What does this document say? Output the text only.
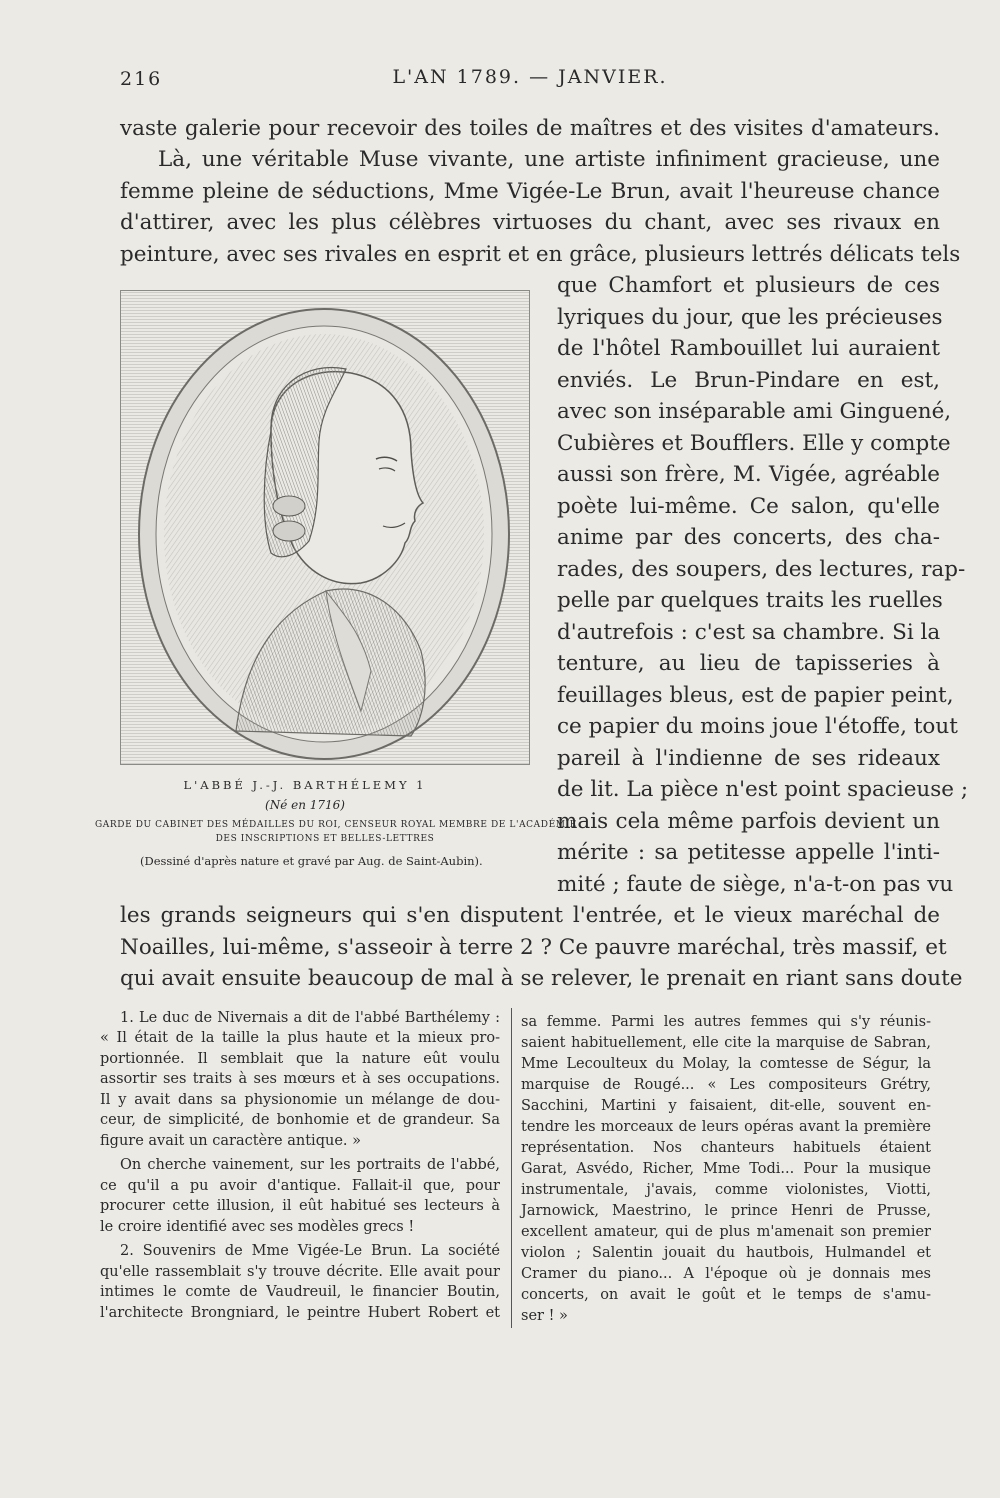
216	L'AN 1789. — JANVIER.
vaste galerie pour recevoir des toiles de maîtres et des visites d'amateurs.
Là, une véritable Muse vivante, une artiste infiniment gracieuse, une
femme pleine de séductions, Mme Vigée-Le Brun, avait l'heureuse chance
d'attirer, avec les plus célèbres virtuoses du chant, avec ses rivaux en
peinture, avec ses rivales en esprit et en grâce, plusieurs lettrés délicats tels
que Chamfort et plusieurs de ces
lyriques du jour, que les précieuses
de l'hôtel Rambouillet lui auraient
enviés. Le Brun-Pindare en est,
avec son inséparable ami Ginguené,
Cubières et Boufflers. Elle y compte
aussi son frère, M. Vigée, agréable
poète lui-même. Ce salon, qu'elle
anime par des concerts, des cha-
rades, des soupers, des lectures, rap-
pelle par quelques traits les ruelles
d'autrefois : c'est sa chambre. Si la
tenture, au lieu de tapisseries à
feuillages bleus, est de papier peint,
ce papier du moins joue l'étoffe, tout
pareil à l'indienne de ses rideaux
de lit. La pièce n'est point spacieuse ;
mais cela même parfois devient un
mérite : sa petitesse appelle l'inti-
mité ; faute de siège, n'a-t-on pas vu
les grands seigneurs qui s'en disputent l'entrée, et le vieux maréchal de
Noailles, lui-même, s'asseoir à terre 2 ? Ce pauvre maréchal, très massif, et
qui avait ensuite beaucoup de mal à se relever, le prenait en riant sans doute
L'ABBÉ J.-J. BARTHÉLEMY 1
(Né en 1716)
GARDE DU CABINET DES MÉDAILLES DU ROI, CENSEUR ROYAL MEMBRE DE L'ACADÉMIE
DES INSCRIPTIONS ET BELLES-LETTRES
(Dessiné d'après nature et gravé par Aug. de Saint-Aubin).
1. Le duc de Nivernais a dit de l'abbé Barthélemy :
« Il était de la taille la plus haute et la mieux pro-
portionnée. Il semblait que la nature eût voulu
assortir ses traits à ses mœurs et à ses occupations.
Il y avait dans sa physionomie un mélange de dou-
ceur, de simplicité, de bonhomie et de grandeur. Sa
figure avait un caractère antique. »
On cherche vainement, sur les portraits de l'abbé,
ce qu'il a pu avoir d'antique. Fallait-il que, pour
procurer cette illusion, il eût habitué ses lecteurs à
le croire identifié avec ses modèles grecs !
2. Souvenirs de Mme Vigée-Le Brun. La société
qu'elle rassemblait s'y trouve décrite. Elle avait pour
intimes le comte de Vaudreuil, le financier Boutin,
l'architecte Brongniard, le peintre Hubert Robert et
sa femme. Parmi les autres femmes qui s'y réunis-
saient habituellement, elle cite la marquise de Sabran,
Mme Lecoulteux du Molay, la comtesse de Ségur, la
marquise de Rougé... « Les compositeurs Grétry,
Sacchini, Martini y faisaient, dit-elle, souvent en-
tendre les morceaux de leurs opéras avant la première
représentation. Nos chanteurs habituels étaient
Garat, Asvédo, Richer, Mme Todi... Pour la musique
instrumentale, j'avais, comme violonistes, Viotti,
Jarnowick, Maestrino, le prince Henri de Prusse,
excellent amateur, qui de plus m'amenait son premier
violon ; Salentin jouait du hautbois, Hulmandel et
Cramer du piano... A l'époque où je donnais mes
concerts, on avait le goût et le temps de s'amu-
ser ! »
